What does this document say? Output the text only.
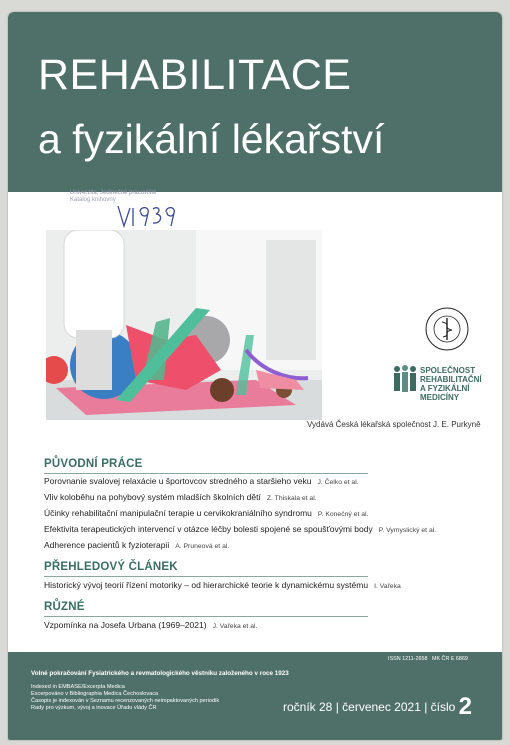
REHABILITACE
a fyzikální lékařství
Univerzita, Jedinečné pracoviště
Katalog knihovny
SPOLEČNOST
REHABILITAČNÍ
A FYZIKÁLNÍ
MEDICÍNY
Vydává Česká lékařská společnost J. E. Purkyně
PŮVODNÍ PRÁCE
Porovnanie svalovej relaxácie u športovcov stredného a staršieho veku J. Čelko et al.
Vliv koloběhu na pohybový systém mladších školních dětí Z. Thiskala et al.
Účinky rehabilitační manipulační terapie u cervikokraniálního syndromu P. Konečný et al.
Efektivita terapeutických intervencí v otázce léčby bolesti spojené se spoušťovými body P. Vymyslický et al.
Adherence pacientů k fyzioterapii A. Pruneová et al.
PŘEHLEDOVÝ ČLÁNEK
Historický vývoj teorií řízení motoriky – od hierarchické teorie k dynamickému systému I. Vařeka
RŮZNÉ
Vzpomínka na Josefa Urbana (1969–2021) J. Vařeka et al.
Volné pokračování Fysiatrického a revmatologického věstníku založeného v roce 1923
Indexed in EMBASE/Excerpta Medica
Excerpováno v Bibliographia Medica Čechoslovaca
Časopis je indexován v Seznamu recenzovaných neimpaktovaných periodik
Rady pro výzkum, vývoj a inovace Úřadu vlády ČR
ISSN 1211-2658 MK ČR E 6869
ročník 28 | červenec 2021 | číslo 2
